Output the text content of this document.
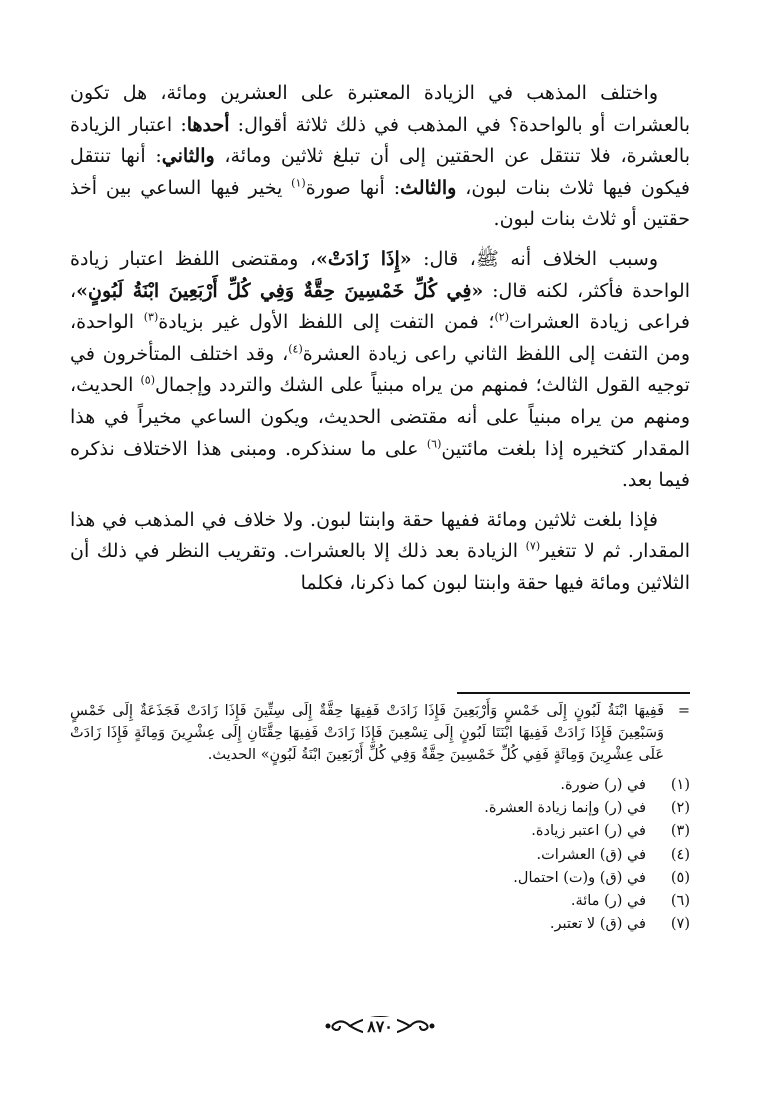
واختلف المذهب في الزيادة المعتبرة على العشرين ومائة، هل تكون بالعشرات أو بالواحدة؟ في المذهب في ذلك ثلاثة أقوال: أحدها: اعتبار الزيادة بالعشرة، فلا تنتقل عن الحقتين إلى أن تبلغ ثلاثين ومائة، والثاني: أنها تنتقل فيكون فيها ثلاث بنات لبون، والثالث: أنها صورة$^{(١)}$ يخير فيها الساعي بين أخذ حقتين أو ثلاث بنات لبون.

وسبب الخلاف أنه ﷺ، قال: «إِذَا زَادَتْ»، ومقتضى اللفظ اعتبار زيادة الواحدة فأكثر، لكنه قال: «فِي كُلِّ خَمْسِينَ حِقَّةٌ وَفِي كُلِّ أَرْبَعِينَ ابْنَةُ لَبُونٍ»، فراعى زيادة العشرات$^{(٢)}$؛ فمن التفت إلى اللفظ الأول غير بزيادة$^{(٣)}$ الواحدة، ومن التفت إلى اللفظ الثاني راعى زيادة العشرة$^{(٤)}$، وقد اختلف المتأخرون في توجيه القول الثالث؛ فمنهم من يراه مبنياً على الشك والتردد وإجمال$^{(٥)}$ الحديث، ومنهم من يراه مبنياً على أنه مقتضى الحديث، ويكون الساعي مخيراً في هذا المقدار كتخيره إذا بلغت مائتين$^{(٦)}$ على ما سنذكره. ومبنى هذا الاختلاف نذكره فيما بعد.

فإذا بلغت ثلاثين ومائة ففيها حقة وابنتا لبون. ولا خلاف في المذهب في هذا المقدار. ثم لا تتغير$^{(٧)}$ الزيادة بعد ذلك إلا بالعشرات. وتقريب النظر في ذلك أن الثلاثين ومائة فيها حقة وابنتا لبون كما ذكرنا، فكلما

=
فَفِيهَا ابْنَةُ لَبُونٍ إِلَى خَمْسٍ وَأَرْبَعِينَ فَإِذَا زَادَتْ فَفِيهَا حِقَّةٌ إِلَى سِتِّينَ فَإِذَا زَادَتْ فَجَذَعَةٌ إِلَى خَمْسٍ وَسَبْعِينَ فَإِذَا زَادَتْ فَفِيهَا ابْنَتَا لَبُونٍ إِلَى تِسْعِينَ فَإِذَا زَادَتْ فَفِيهَا حِقَّتَانِ إِلَى عِشْرِينَ وَمِائَةٍ فَإِذَا زَادَتْ عَلَى عِشْرِينَ وَمِائَةٍ فَفِي كُلِّ خَمْسِينَ حِقَّةٌ وَفِي كُلِّ أَرْبَعِينَ ابْنَةُ لَبُونٍ» الحديث.
(١)
في (ر) ضورة.
(٢)
في (ر) وإنما زيادة العشرة.
(٣)
في (ر) اعتبر زيادة.
(٤)
في (ق) العشرات.
(٥)
في (ق) و(ت) احتمال.
(٦)
في (ر) مائة.
(٧)
في (ق) لا تعتبر.
٨٧٠
